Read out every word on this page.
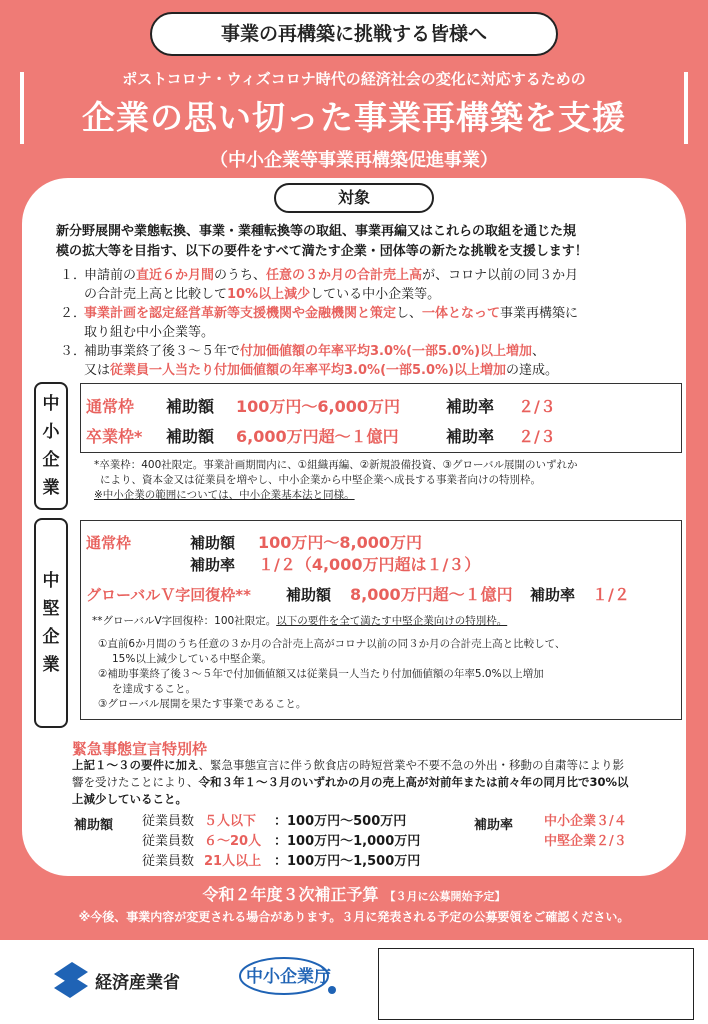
事業の再構築に挑戦する皆様へ
ポストコロナ・ウィズコロナ時代の経済社会の変化に対応するための
企業の思い切った事業再構築を支援
（中小企業等事業再構築促進事業）
対象
新分野展開や業態転換、事業・業種転換等の取組、事業再編又はこれらの取組を通じた規
模の拡大等を目指す、以下の要件をすべて満たす企業・団体等の新たな挑戦を支援します！
１．申請前の直近６か月間のうち、任意の３か月の合計売上高が、コロナ以前の同３か月
の合計売上高と比較して10%以上減少している中小企業等。
２．事業計画を認定経営革新等支援機関や金融機関と策定し、一体となって事業再構築に
取り組む中小企業等。
３．補助事業終了後３～５年で付加価値額の年率平均3.0%(一部5.0%)以上増加、
又は従業員一人当たり付加価値額の年率平均3.0%(一部5.0%)以上増加の達成。
中
小
企
業
通常枠 補助額 100万円～6,000万円	補助率 ２/３
卒業枠* 補助額 6,000万円超～１億円	補助率 ２/３
*卒業枠：400社限定。事業計画期間内に、①組織再編、②新規設備投資、③グローバル展開のいずれか
により、資本金又は従業員を増やし、中小企業から中堅企業へ成長する事業者向けの特別枠。
※中小企業の範囲については、中小企業基本法と同様。
中
堅
企
業
通常枠	補助額 100万円～8,000万円
補助率 １/２（4,000万円超は１/３）
グローバルＶ字回復枠** 補助額 8,000万円超～１億円 補助率 １/２
**グローバルV字回復枠：100社限定。以下の要件を全て満たす中堅企業向けの特別枠。
①直前6か月間のうち任意の３か月の合計売上高がコロナ以前の同３か月の合計売上高と比較して、
15%以上減少している中堅企業。
②補助事業終了後３～５年で付加価値額又は従業員一人当たり付加価値額の年率5.0%以上増加
を達成すること。
③グローバル展開を果たす事業であること。
緊急事態宣言特別枠
上記１～３の要件に加え、緊急事態宣言に伴う飲食店の時短営業や不要不急の外出・移動の自粛等により影
響を受けたことにより、令和３年１～３月のいずれかの月の売上高が対前年または前々年の同月比で30%以
上減少していること。
補助額 従業員数 ５人以下 ：100万円～500万円
従業員数 ６～20人 ：100万円～1,000万円
従業員数 21人以上 ：100万円～1,500万円
補助率 中小企業３/４
中堅企業２/３
令和２年度３次補正予算 【３月に公募開始予定】
※今後、事業内容が変更される場合があります。３月に発表される予定の公募要領をご確認ください。
経済産業省	中小企業庁
